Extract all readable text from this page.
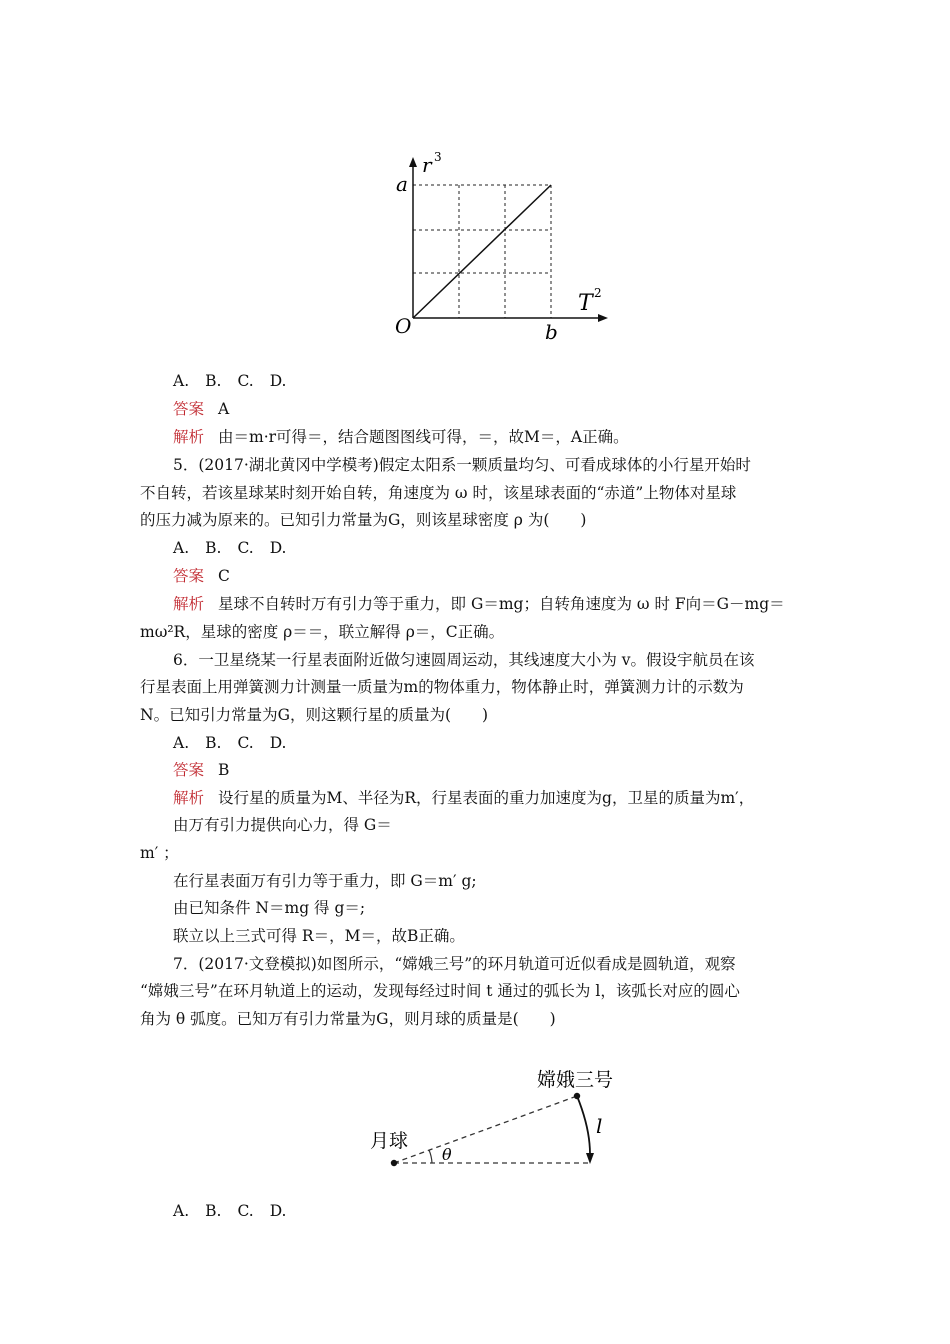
r 3
T 2
a
b
O
A. B. C. D.
答案 A
解析 由＝m·r可得＝，结合题图图线可得，＝，故M＝，A正确。
5．(2017·湖北黄冈中学模考)假定太阳系一颗质量均匀、可看成球体的小行星开始时
不自转，若该星球某时刻开始自转，角速度为 ω 时，该星球表面的“赤道”上物体对星球
的压力减为原来的。已知引力常量为G，则该星球密度 ρ 为(　　)
A. B. C. D.
答案 C
解析 星球不自转时万有引力等于重力，即 G＝mg；自转角速度为 ω 时 F向＝G－mg＝
mω²R，星球的密度 ρ＝＝，联立解得 ρ＝，C正确。
6．一卫星绕某一行星表面附近做匀速圆周运动，其线速度大小为 v。假设宇航员在该
行星表面上用弹簧测力计测量一质量为m的物体重力，物体静止时，弹簧测力计的示数为
N。已知引力常量为G，则这颗行星的质量为(　　)
A. B. C. D.
答案 B
解析 设行星的质量为M、半径为R，行星表面的重力加速度为g，卫星的质量为m′，
由万有引力提供向心力，得 G＝
m′ ；
在行星表面万有引力等于重力，即 G＝m′ g;
由已知条件 N＝mg 得 g＝;
联立以上三式可得 R＝，M＝，故B正确。
7．(2017·文登模拟)如图所示，“嫦娥三号”的环月轨道可近似看成是圆轨道，观察
“嫦娥三号”在环月轨道上的运动，发现每经过时间 t 通过的弧长为 l，该弧长对应的圆心
角为 θ 弧度。已知万有引力常量为G，则月球的质量是(　　)
月球
嫦娥三号
l
θ
A. B. C. D.
